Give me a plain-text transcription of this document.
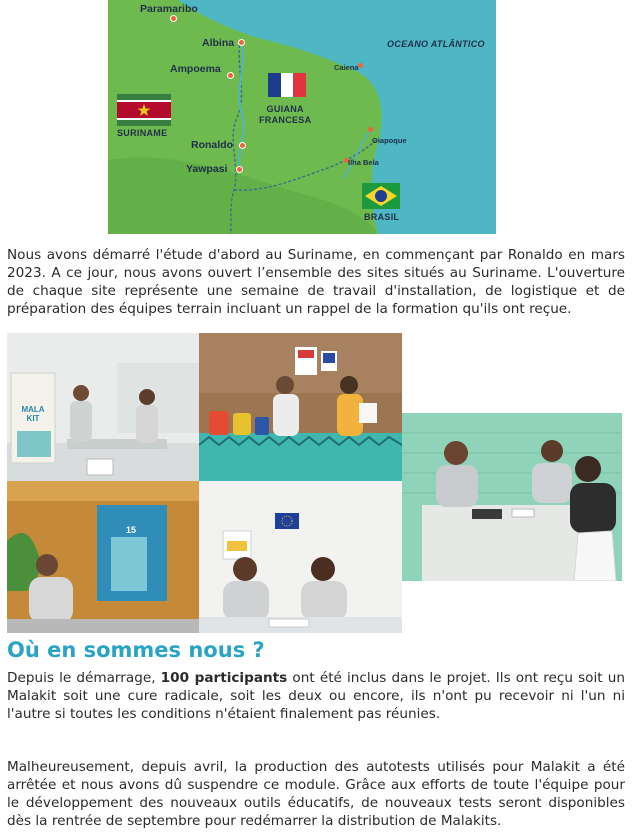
Paramaribo
Albina
Ampoema
Ronaldo
Yawpasi
Caiena
Oiapoque
Ilha Bela
OCEANO ATLÂNTICO
SURINAME
GUIANA
FRANCESA
BRASIL

Nous avons démarré l'étude d'abord au Suriname, en commençant par Ronaldo en mars 2023. A ce jour, nous avons ouvert l’ensemble des sites situés au Suriname. L'ouverture de chaque site représente une semaine de travail d'installation, de logistique et de préparation des équipes terrain incluant un rappel de la formation qu'ils ont reçue.

MALA KIT
15
Où en sommes nous ?

Depuis le démarrage, 100 participants ont été inclus dans le projet. Ils ont reçu soit un Malakit soit une cure radicale, soit les deux ou encore, ils n'ont pu recevoir ni l'un ni l'autre si toutes les conditions n'étaient finalement pas réunies.

Malheureusement, depuis avril, la production des autotests utilisés pour Malakit a été arrêtée et nous avons dû suspendre ce module. Grâce aux efforts de toute l'équipe pour le développement des nouveaux outils éducatifs, de nouveaux tests seront disponibles dès la rentrée de septembre pour redémarrer la distribution de Malakits.
